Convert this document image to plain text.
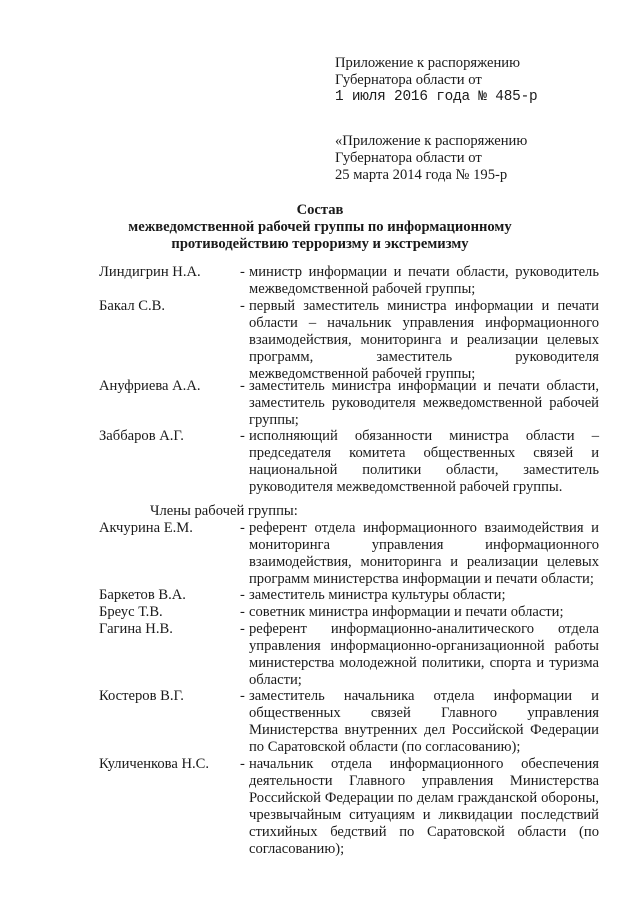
Приложение к распоряжению
Губернатора области от
1 июля 2016 года № 485-р
«Приложение к распоряжению
Губернатора области от
25 марта 2014 года № 195-р
Состав
межведомственной рабочей группы по информационному
противодействию терроризму и экстремизму
Линдигрин Н.А.	- министр информации и печати области, руководитель межведомственной рабочей группы;
Бакал С.В.	- первый заместитель министра информации и печати области – начальник управления информационного взаимодействия, мониторинга и реализации целевых программ, заместитель руководителя межведомственной рабочей группы;
Ануфриева А.А.	- заместитель министра информации и печати области, заместитель руководителя межведомственной рабочей группы;
Заббаров А.Г.	- исполняющий обязанности министра области – председателя комитета общественных связей и национальной политики области, заместитель руководителя межведомственной рабочей группы.
Члены рабочей группы:
Акчурина Е.М.	- референт отдела информационного взаимодействия и мониторинга управления информационного взаимодействия, мониторинга и реализации целевых программ министерства информации и печати области;
Баркетов В.А.	- заместитель министра культуры области;
Бреус Т.В.	- советник министра информации и печати области;
Гагина Н.В.	- референт информационно-аналитического отдела управления информационно-организационной работы министерства молодежной политики, спорта и туризма области;
Костеров В.Г.	- заместитель начальника отдела информации и общественных связей Главного управления Министерства внутренних дел Российской Федерации по Саратовской области (по согласованию);
Куличенкова Н.С. - начальник отдела информационного обеспечения деятельности Главного управления Министерства Российской Федерации по делам гражданской обороны, чрезвычайным ситуациям и ликвидации последствий стихийных бедствий по Саратовской области (по согласованию);
